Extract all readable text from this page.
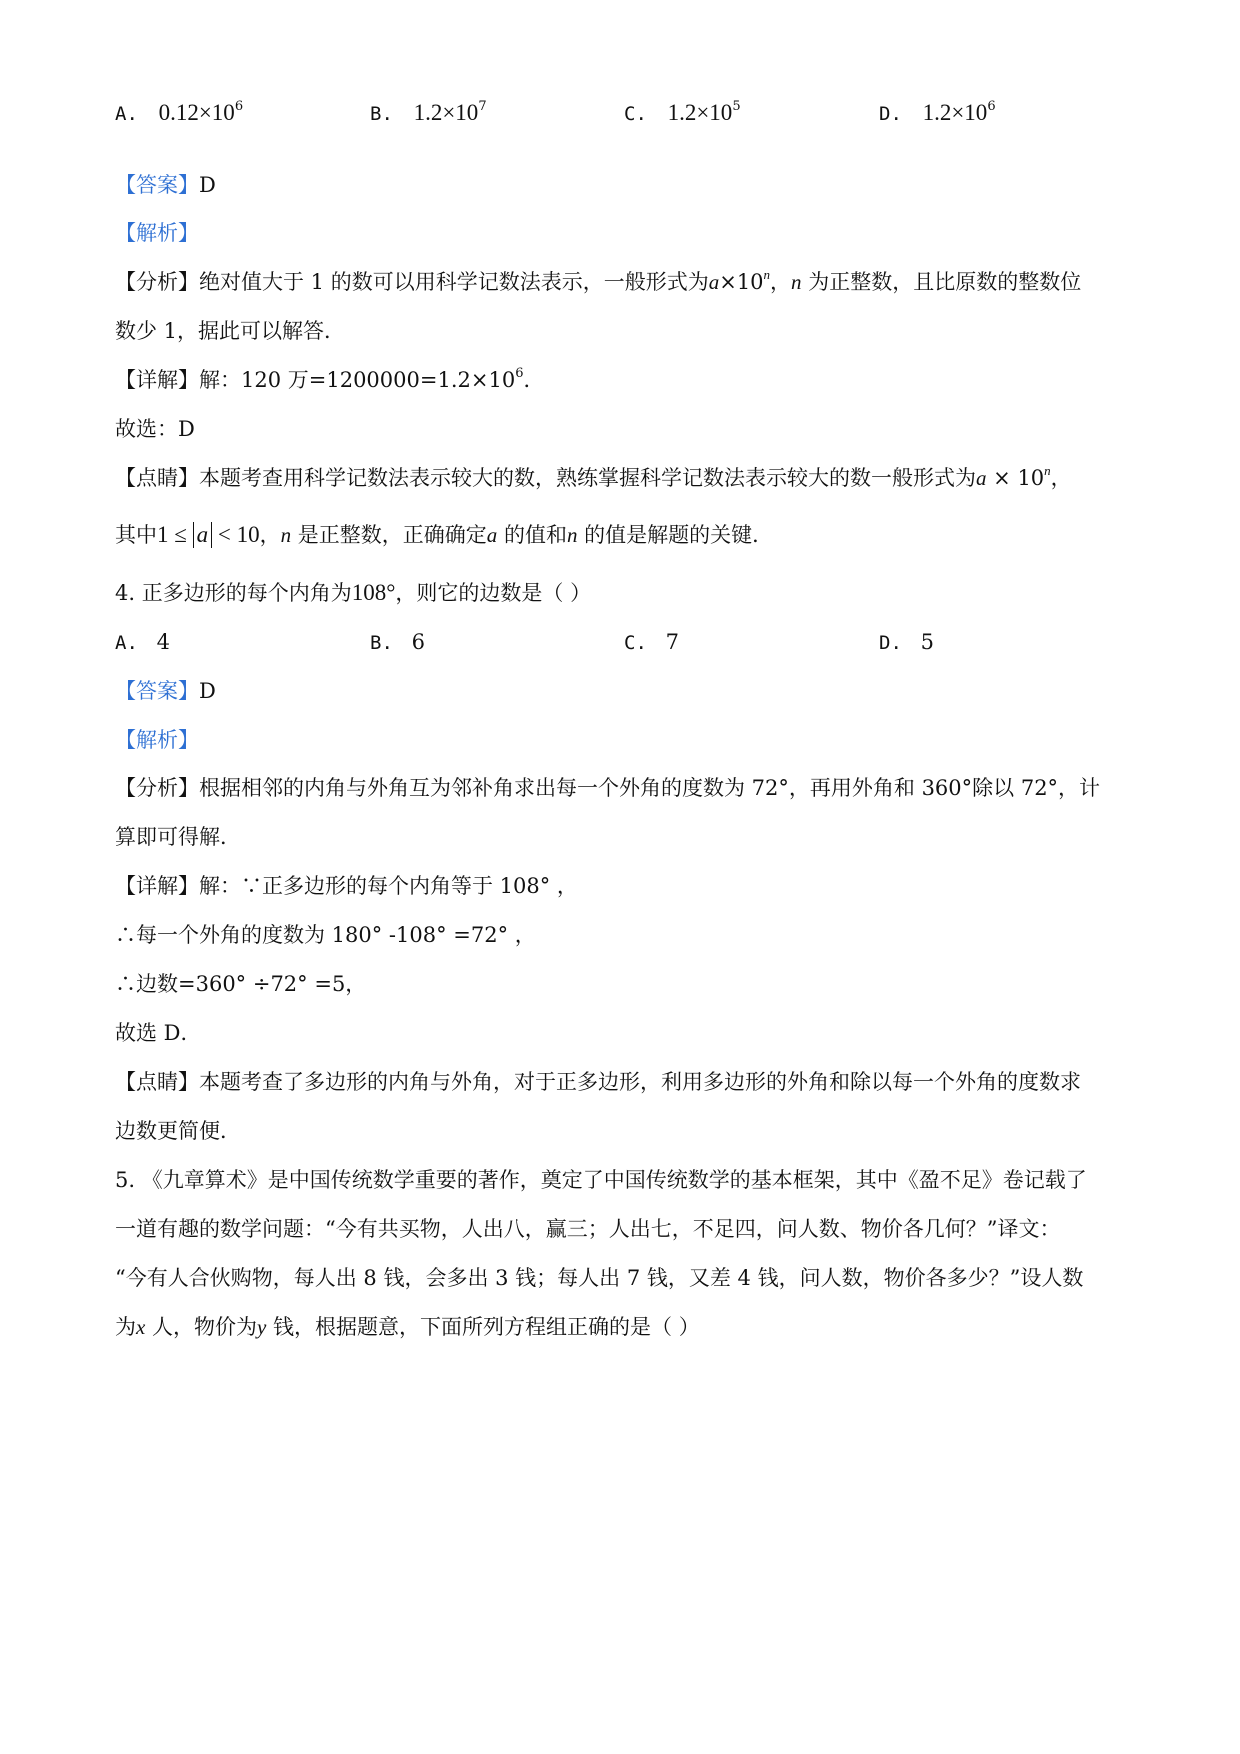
A. $0.12\times 10^6$	B. $1.2\times 10^7$	C. $1.2\times 10^5$	D. $1.2\times 10^6$
【答案】D
【解析】
【分析】绝对值大于 1 的数可以用科学记数法表示，一般形式为$a\times 10^n$，n 为正整数，且比原数的整数位
数少 1，据此可以解答．
【详解】解：120 万$=1200000=1.2\times 10^6$．
故选：D
【点睛】本题考查用科学记数法表示较大的数，熟练掌握科学记数法表示较大的数一般形式为$a \times 10^n$，
其中1 ≤ a < 10，n 是正整数，正确确定a 的值和n 的值是解题的关键．
4. 正多边形的每个内角为108°，则它的边数是（ ）
A. 4	B. 6	C. 7	D. 5
【答案】D
【解析】
【分析】根据相邻的内角与外角互为邻补角求出每一个外角的度数为 72°，再用外角和 360°除以 72°，计
算即可得解．
【详解】解：∵正多边形的每个内角等于 108° ，
∴每一个外角的度数为 180° -108° =72° ，
∴边数=360° ÷72° =5，
故选 D．
【点睛】本题考查了多边形的内角与外角，对于正多边形，利用多边形的外角和除以每一个外角的度数求
边数更简便．
5. 《九章算术》是中国传统数学重要的著作，奠定了中国传统数学的基本框架，其中《盈不足》卷记载了
一道有趣的数学问题：“今有共买物，人出八，赢三；人出七，不足四，问人数、物价各几何？”译文：
“今有人合伙购物，每人出 8 钱，会多出 3 钱；每人出 7 钱，又差 4 钱，问人数，物价各多少？”设人数
为x 人，物价为y 钱，根据题意，下面所列方程组正确的是（ ）
